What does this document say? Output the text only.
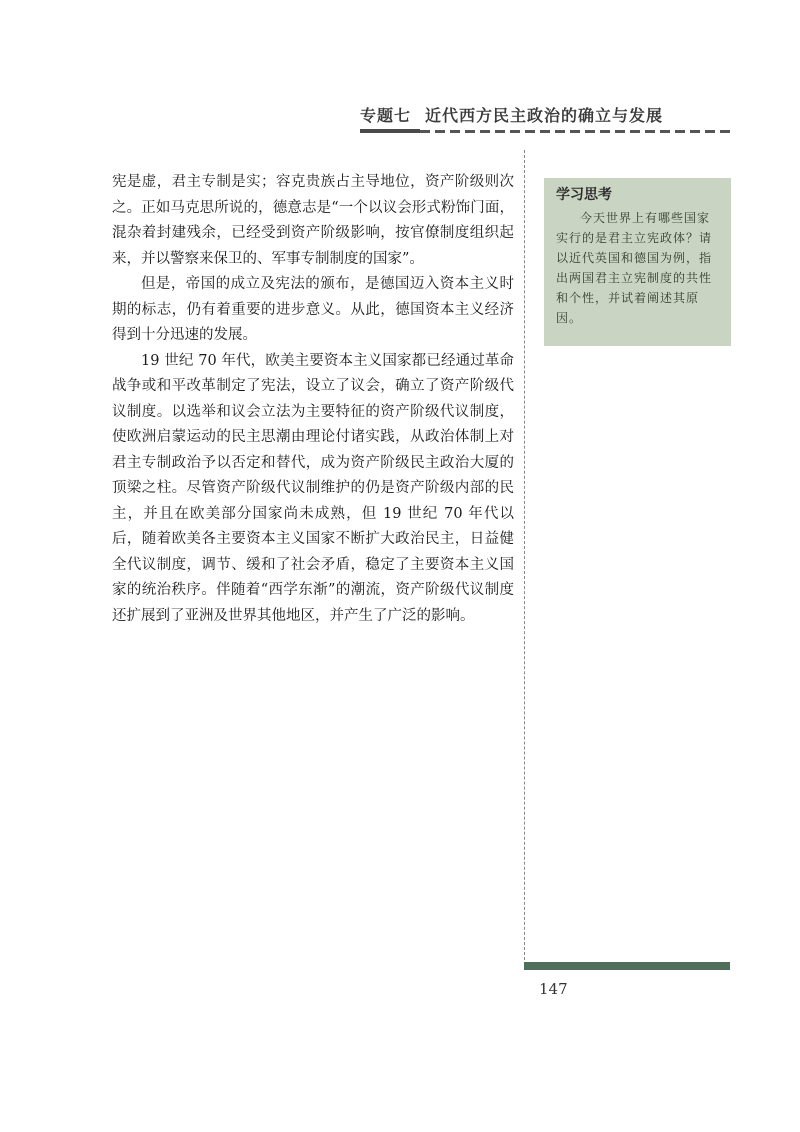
专题七 近代西方民主政治的确立与发展

宪是虚，君主专制是实；容克贵族占主导地位，资产阶级则次之。正如马克思所说的，德意志是“一个以议会形式粉饰门面，混杂着封建残余，已经受到资产阶级影响，按官僚制度组织起来，并以警察来保卫的、军事专制制度的国家”。

但是，帝国的成立及宪法的颁布，是德国迈入资本主义时期的标志，仍有着重要的进步意义。从此，德国资本主义经济得到十分迅速的发展。

19 世纪 70 年代，欧美主要资本主义国家都已经通过革命战争或和平改革制定了宪法，设立了议会，确立了资产阶级代议制度。以选举和议会立法为主要特征的资产阶级代议制度，使欧洲启蒙运动的民主思潮由理论付诸实践，从政治体制上对君主专制政治予以否定和替代，成为资产阶级民主政治大厦的顶梁之柱。尽管资产阶级代议制维护的仍是资产阶级内部的民主，并且在欧美部分国家尚未成熟，但 19 世纪 70 年代以后，随着欧美各主要资本主义国家不断扩大政治民主，日益健全代议制度，调节、缓和了社会矛盾，稳定了主要资本主义国家的统治秩序。伴随着“西学东渐”的潮流，资产阶级代议制度还扩展到了亚洲及世界其他地区，并产生了广泛的影响。

学习思考
今天世界上有哪些国家实行的是君主立宪政体？请以近代英国和德国为例，指出两国君主立宪制度的共性和个性，并试着阐述其原因。
147
